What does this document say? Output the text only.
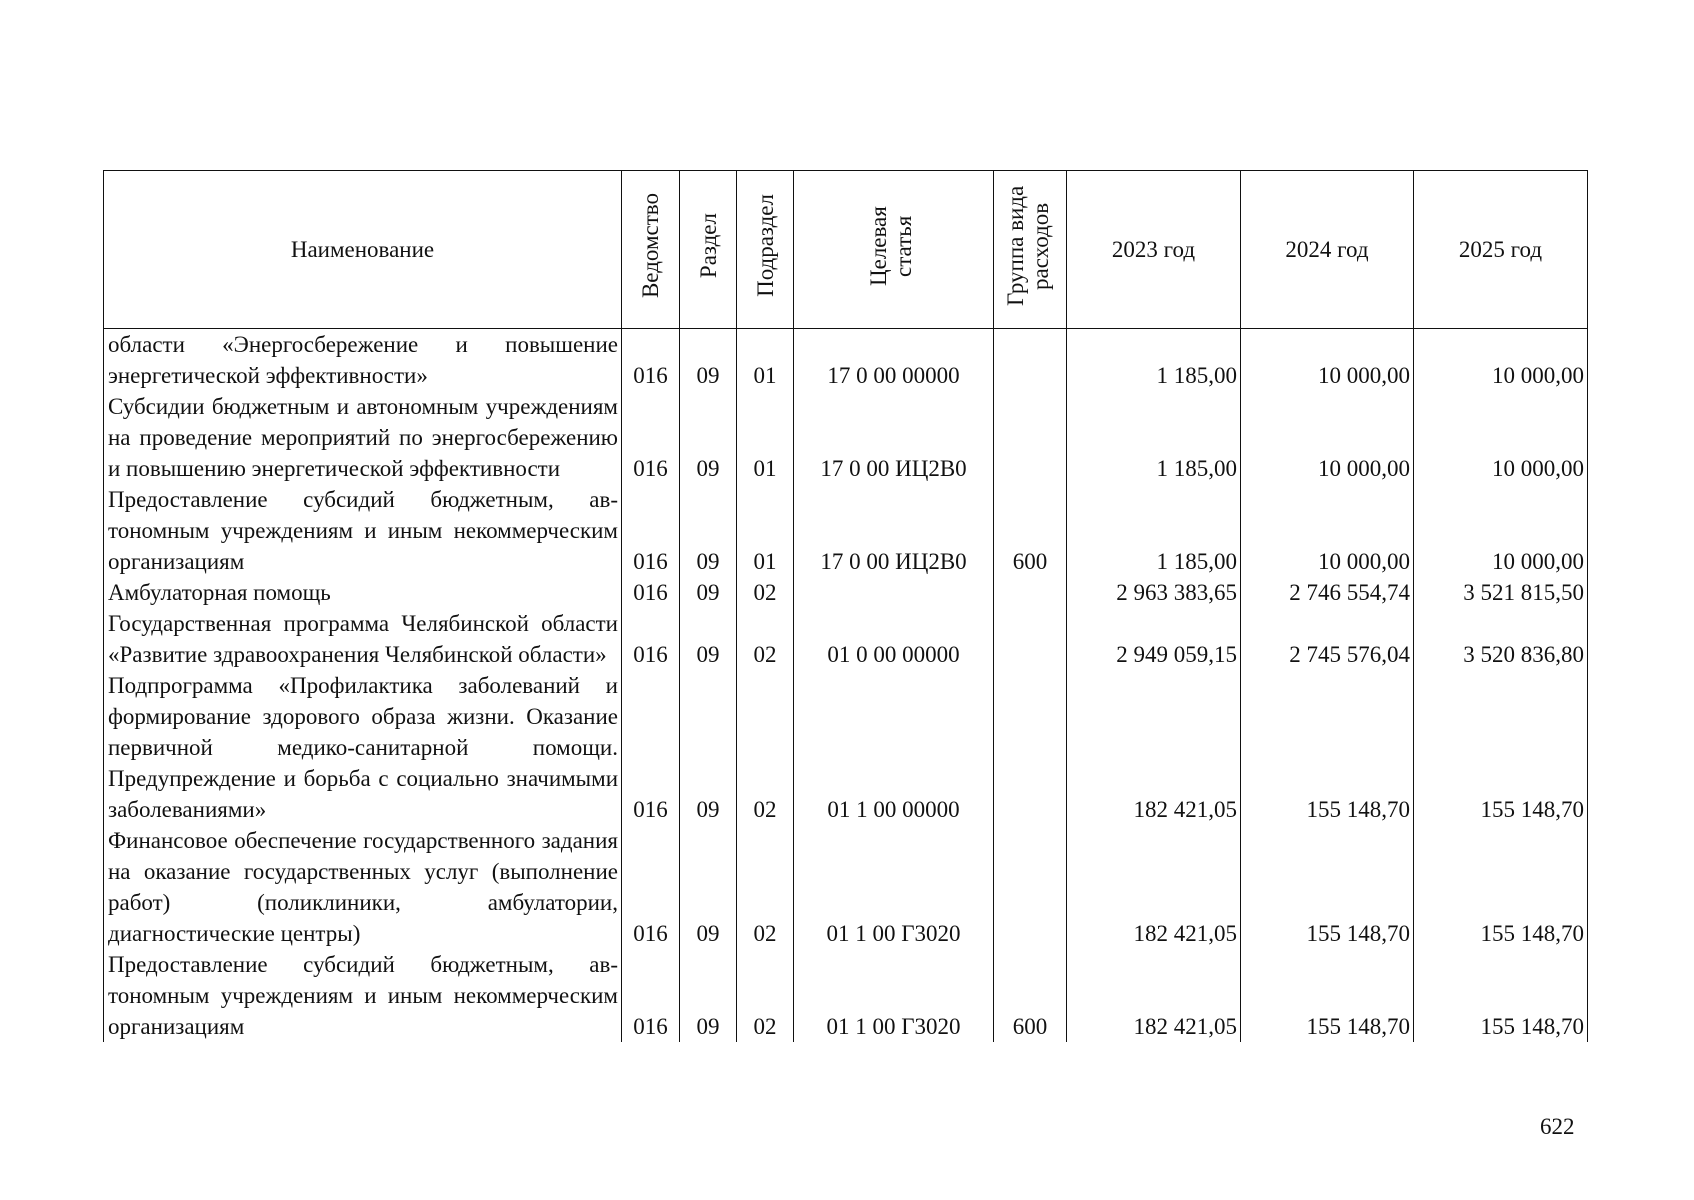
Наименование	Ведомство	Раздел	Подраздел	Целевая статья	Группа вида расходов	2023 год	2024 год	2025 год
области «Энергосбережение и повышение энергетической эффективности»	016	09	01	17 0 00 00000		1 185,00	10 000,00	10 000,00
Субсидии бюджетным и автономным учреждениям на проведение мероприятий по энергосбережению и повышению энергетической эффективности	016	09	01	17 0 00 ИЦ2В0		1 185,00	10 000,00	10 000,00
Предоставление субсидий бюджетным, автономным учреждениям и иным некоммерческим организациям	016	09	01	17 0 00 ИЦ2В0	600	1 185,00	10 000,00	10 000,00
Амбулаторная помощь	016	09	02			2 963 383,65	2 746 554,74	3 521 815,50
Государственная программа Челябинской области «Развитие здравоохранения Челябинской области»	016	09	02	01 0 00 00000		2 949 059,15	2 745 576,04	3 520 836,80
Подпрограмма «Профилактика заболеваний и формирование здорового образа жизни. Оказание первичной медико-санитарной помощи. Предупреждение и борьба с социально значимыми заболеваниями»	016	09	02	01 1 00 00000		182 421,05	155 148,70	155 148,70
Финансовое обеспечение государственного задания на оказание государственных услуг (выполнение работ) (поликлиники, амбулатории, диагностические центры)	016	09	02	01 1 00 Г3020		182 421,05	155 148,70	155 148,70
Предоставление субсидий бюджетным, автономным учреждениям и иным некоммерческим организациям	016	09	02	01 1 00 Г3020	600	182 421,05	155 148,70	155 148,70
622
